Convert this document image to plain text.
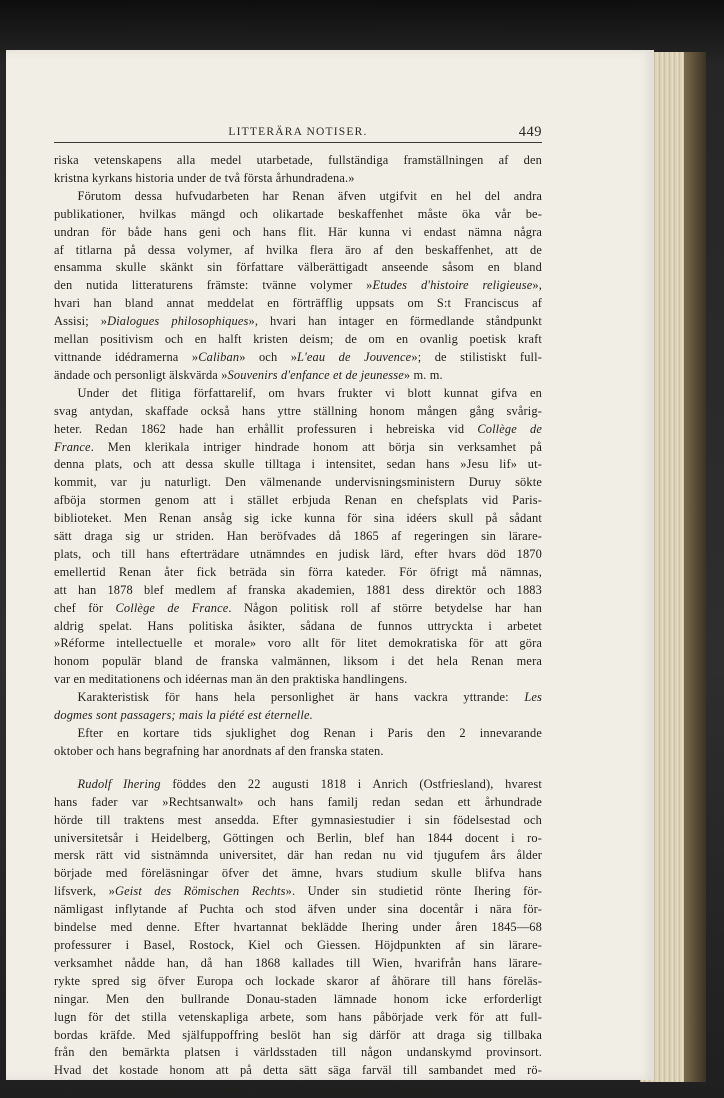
LITTERÄRA NOTISER.	449

riska vetenskapens alla medel utarbetade, fullständiga framställningen af den

kristna kyrkans historia under de två första århundradena.»

Förutom dessa hufvudarbeten har Renan äfven utgifvit en hel del andra

publikationer, hvilkas mängd och olikartade beskaffenhet måste öka vår be-

undran för både hans geni och hans flit. Här kunna vi endast nämna några

af titlarna på dessa volymer, af hvilka flera äro af den beskaffenhet, att de

ensamma skulle skänkt sin författare välberättigadt anseende såsom en bland

den nutida litteraturens främste: tvänne volymer »Etudes d'histoire religieuse»,

hvari han bland annat meddelat en förträfflig uppsats om S:t Franciscus af

Assisi; »Dialogues philosophiques», hvari han intager en förmedlande ståndpunkt

mellan positivism och en halft kristen deism; de om en ovanlig poetisk kraft

vittnande idédramerna »Caliban» och »L'eau de Jouvence»; de stilistiskt full-

ändade och personligt älskvärda »Souvenirs d'enfance et de jeunesse» m. m.

Under det flitiga författarelif, om hvars frukter vi blott kunnat gifva en

svag antydan, skaffade också hans yttre ställning honom mången gång svårig-

heter. Redan 1862 hade han erhållit professuren i hebreiska vid Collège de

France. Men klerikala intriger hindrade honom att börja sin verksamhet på

denna plats, och att dessa skulle tilltaga i intensitet, sedan hans »Jesu lif» ut-

kommit, var ju naturligt. Den välmenande undervisningsministern Duruy sökte

afböja stormen genom att i stället erbjuda Renan en chefsplats vid Paris-

biblioteket. Men Renan ansåg sig icke kunna för sina idéers skull på sådant

sätt draga sig ur striden. Han beröfvades då 1865 af regeringen sin lärare-

plats, och till hans efterträdare utnämndes en judisk lärd, efter hvars död 1870

emellertid Renan åter fick beträda sin förra kateder. För öfrigt må nämnas,

att han 1878 blef medlem af franska akademien, 1881 dess direktör och 1883

chef för Collège de France. Någon politisk roll af större betydelse har han

aldrig spelat. Hans politiska åsikter, sådana de funnos uttryckta i arbetet

»Réforme intellectuelle et morale» voro allt för litet demokratiska för att göra

honom populär bland de franska valmännen, liksom i det hela Renan mera

var en meditationens och idéernas man än den praktiska handlingens.

Karakteristisk för hans hela personlighet är hans vackra yttrande: Les

dogmes sont passagers; mais la piété est éternelle.

Efter en kortare tids sjuklighet dog Renan i Paris den 2 innevarande

oktober och hans begrafning har anordnats af den franska staten.

Rudolf Ihering föddes den 22 augusti 1818 i Anrich (Ostfriesland), hvarest

hans fader var »Rechtsanwalt» och hans familj redan sedan ett århundrade

hörde till traktens mest ansedda. Efter gymnasiestudier i sin födelsestad och

universitetsår i Heidelberg, Göttingen och Berlin, blef han 1844 docent i ro-

mersk rätt vid sistnämnda universitet, där han redan nu vid tjugufem års ålder

började med föreläsningar öfver det ämne, hvars studium skulle blifva hans

lifsverk, »Geist des Römischen Rechts». Under sin studietid rönte Ihering för-

nämligast inflytande af Puchta och stod äfven under sina docentår i nära för-

bindelse med denne. Efter hvartannat beklädde Ihering under åren 1845—68

professurer i Basel, Rostock, Kiel och Giessen. Höjdpunkten af sin lärare-

verksamhet nådde han, då han 1868 kallades till Wien, hvarifrån hans lärare-

rykte spred sig öfver Europa och lockade skaror af åhörare till hans föreläs-

ningar. Men den bullrande Donau-staden lämnade honom icke erforderligt

lugn för det stilla vetenskapliga arbete, som hans påbörjade verk för att full-

bordas kräfde. Med själfuppoffring beslöt han sig därför att draga sig tillbaka

från den bemärkta platsen i världsstaden till någon undanskymd provinsort.

Hvad det kostade honom att på detta sätt säga farväl till sambandet med rö-

relserna i ett stort kulturcentrum, kan man förstå, men pliktbudet visste han
